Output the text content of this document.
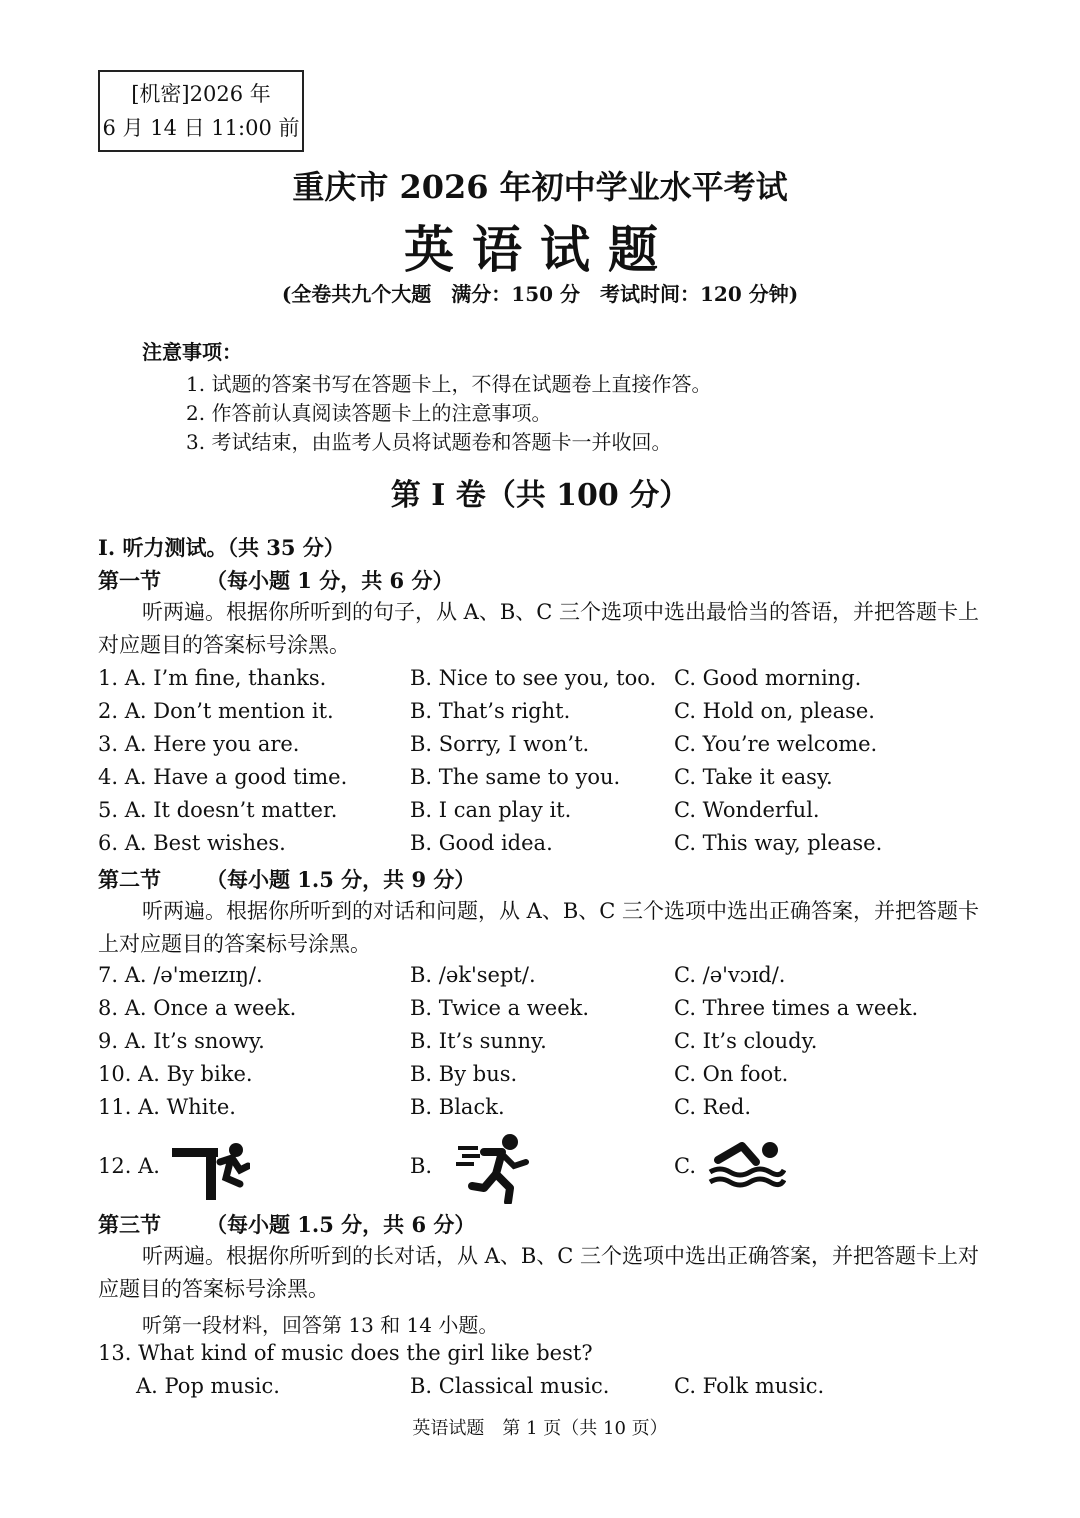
[机密]2026 年
6 月 14 日 11:00 前
重庆市 2026 年初中学业水平考试
英语试题
(全卷共九个大题　满分：150 分　考试时间：120 分钟)
注意事项：
1. 试题的答案书写在答题卡上，不得在试题卷上直接作答。
2. 作答前认真阅读答题卡上的注意事项。
3. 考试结束，由监考人员将试题卷和答题卡一并收回。
第 I 卷（共 100 分）
I. 听力测试。（共 35 分）
第一节 （每小题 1 分，共 6 分）
听两遍。根据你所听到的句子，从 A、B、C 三个选项中选出最恰当的答语，并把答题卡上对应题目的答案标号涂黑。
1. A. I’m fine, thanks.	B. Nice to see you, too. C. Good morning.
2. A. Don’t mention it.	B. That’s right.	C. Hold on, please.
3. A. Here you are.	B. Sorry, I won’t.	C. You’re welcome.
4. A. Have a good time.	B. The same to you.	C. Take it easy.
5. A. It doesn’t matter.	B. I can play it.	C. Wonderful.
6. A. Best wishes.	B. Good idea.	C. This way, please.
第二节 （每小题 1.5 分，共 9 分）
听两遍。根据你所听到的对话和问题，从 A、B、C 三个选项中选出正确答案，并把答题卡上对应题目的答案标号涂黑。
7. A. /ə'meɪzɪŋ/.	B. /ək'sept/.	C. /ə'vɔɪd/.
8. A. Once a week.	B. Twice a week.	C. Three times a week.
9. A. It’s snowy.	B. It’s sunny.	C. It’s cloudy.
10. A. By bike.	B. By bus.	C. On foot.
11. A. White.	B. Black.	C. Red.
12. A.	B.	C.
第三节 （每小题 1.5 分，共 6 分）
听两遍。根据你所听到的长对话，从 A、B、C 三个选项中选出正确答案，并把答题卡上对应题目的答案标号涂黑。
听第一段材料，回答第 13 和 14 小题。
13. What kind of music does the girl like best?
A. Pop music.	B. Classical music.	C. Folk music.
英语试题　第 1 页（共 10 页）
